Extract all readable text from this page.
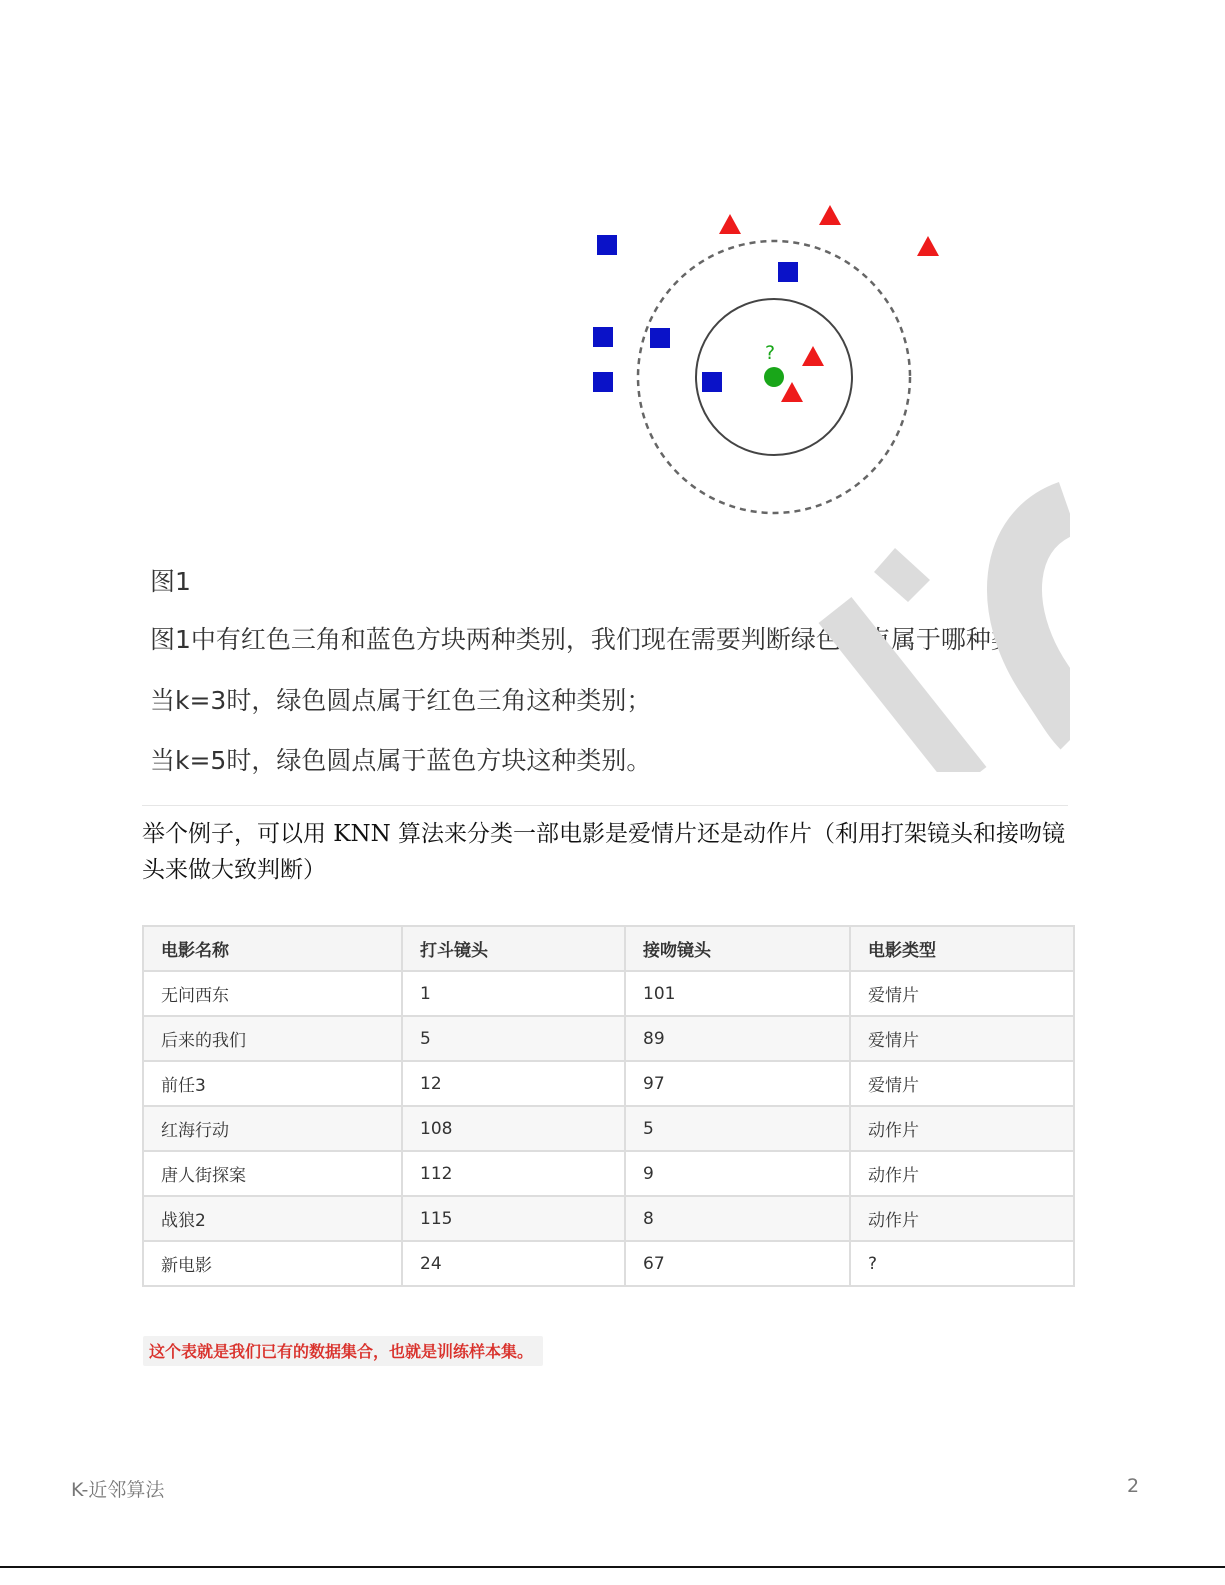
?
图1
图1中有红色三角和蓝色方块两种类别，我们现在需要判断绿色圆点属于哪种类别
当k=3时，绿色圆点属于红色三角这种类别；
当k=5时，绿色圆点属于蓝色方块这种类别。
举个例子，可以用 KNN 算法来分类一部电影是爱情片还是动作片（利用打架镜头和接吻镜头来做大致判断）
电影名称	打斗镜头	接吻镜头	电影类型
无问西东	1	101	爱情片
后来的我们	5	89	爱情片
前任3	12	97	爱情片
红海行动	108	5	动作片
唐人街探案	112	9	动作片
战狼2	115	8	动作片
新电影	24	67	?
这个表就是我们已有的数据集合，也就是训练样本集。
K-近邻算法	2
